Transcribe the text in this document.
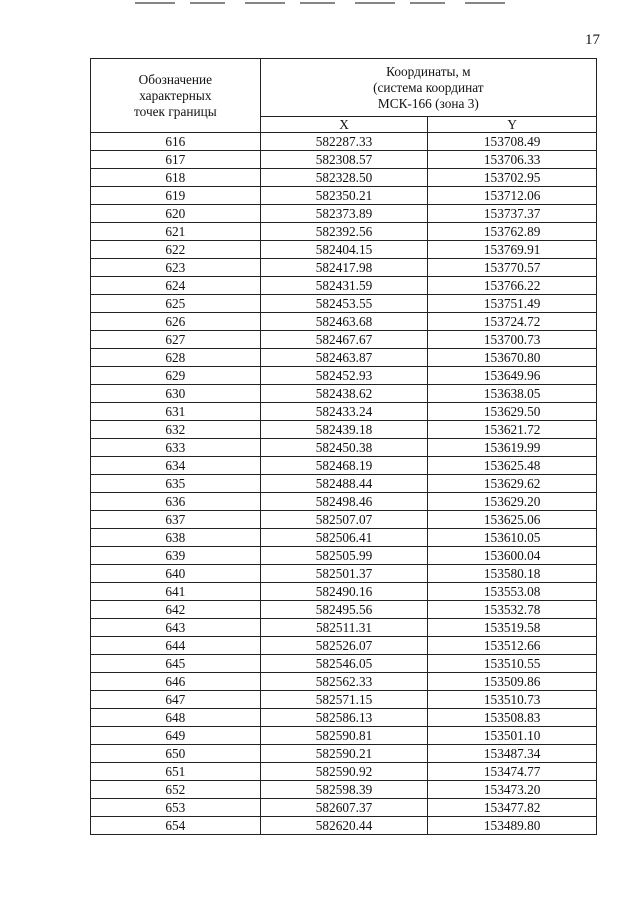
17
Обозначение
характерных
точек границы	Координаты, м
(система координат
МСК-166 (зона 3)	

	X	Y
616	582287.33	153708.49
617	582308.57	153706.33
618	582328.50	153702.95
619	582350.21	153712.06
620	582373.89	153737.37
621	582392.56	153762.89
622	582404.15	153769.91
623	582417.98	153770.57
624	582431.59	153766.22
625	582453.55	153751.49
626	582463.68	153724.72
627	582467.67	153700.73
628	582463.87	153670.80
629	582452.93	153649.96
630	582438.62	153638.05
631	582433.24	153629.50
632	582439.18	153621.72
633	582450.38	153619.99
634	582468.19	153625.48
635	582488.44	153629.62
636	582498.46	153629.20
637	582507.07	153625.06
638	582506.41	153610.05
639	582505.99	153600.04
640	582501.37	153580.18
641	582490.16	153553.08
642	582495.56	153532.78
643	582511.31	153519.58
644	582526.07	153512.66
645	582546.05	153510.55
646	582562.33	153509.86
647	582571.15	153510.73
648	582586.13	153508.83
649	582590.81	153501.10
650	582590.21	153487.34
651	582590.92	153474.77
652	582598.39	153473.20
653	582607.37	153477.82
654	582620.44	153489.80
